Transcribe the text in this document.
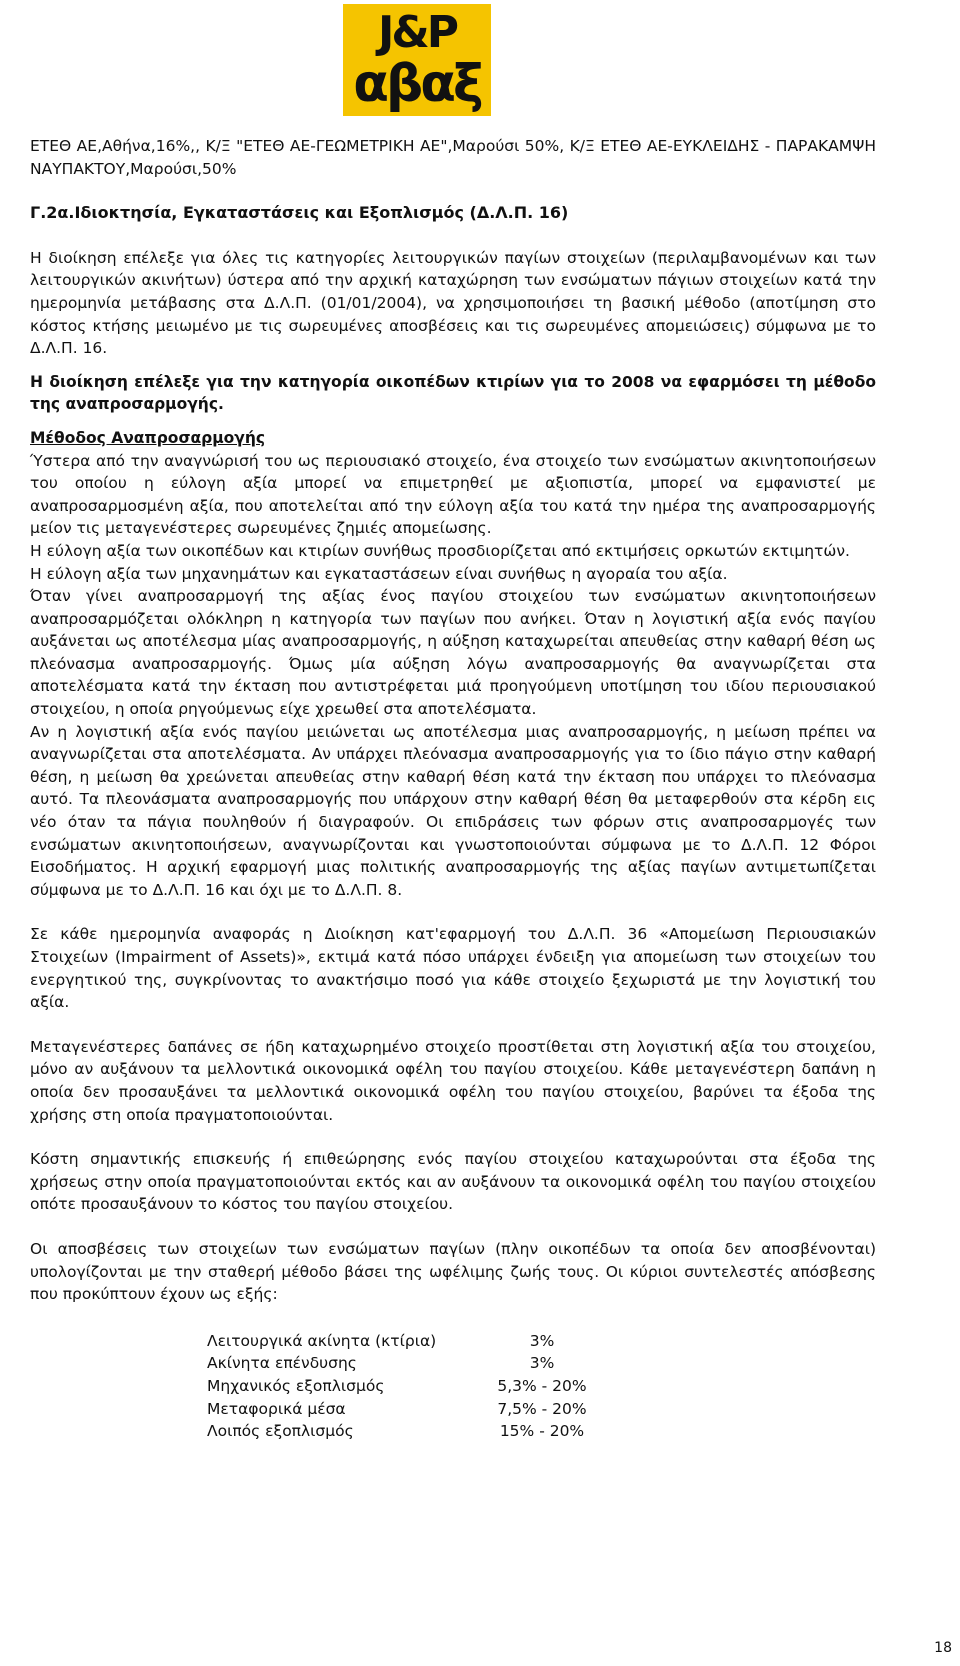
J&P
αβαξ

ΕΤΕΘ ΑΕ,Αθήνα,16%,, Κ/Ξ "ΕΤΕΘ ΑΕ-ΓΕΩΜΕΤΡΙΚΗ ΑΕ",Μαρούσι 50%, Κ/Ξ ΕΤΕΘ ΑΕ-ΕΥΚΛΕΙΔΗΣ - ΠΑΡΑΚΑΜΨΗ ΝΑΥΠΑΚΤΟΥ,Μαρούσι,50%

Γ.2α.Ιδιοκτησία, Εγκαταστάσεις και Εξοπλισμός (Δ.Λ.Π. 16)

Η διοίκηση επέλεξε για όλες τις κατηγορίες λειτουργικών παγίων στοιχείων (περιλαμβανομένων και των λειτουργικών ακινήτων) ύστερα από την αρχική καταχώρηση των ενσώματων πάγιων στοιχείων κατά την ημερομηνία μετάβασης στα Δ.Λ.Π. (01/01/2004), να χρησιμοποιήσει τη βασική μέθοδο (αποτίμηση στο κόστος κτήσης μειωμένο με τις σωρευμένες αποσβέσεις και τις σωρευμένες απομειώσεις) σύμφωνα με το Δ.Λ.Π. 16.

Η διοίκηση επέλεξε για την κατηγορία οικοπέδων κτιρίων για το 2008 να εφαρμόσει τη μέθοδο της αναπροσαρμογής.

Μέθοδος Αναπροσαρμογής

Ύστερα από την αναγνώρισή του ως περιουσιακό στοιχείο, ένα στοιχείο των ενσώματων ακινητοποιήσεων του οποίου η εύλογη αξία μπορεί να επιμετρηθεί με αξιοπιστία, μπορεί να εμφανιστεί με αναπροσαρμοσμένη αξία, που αποτελείται από την εύλογη αξία του κατά την ημέρα της αναπροσαρμογής μείον τις μεταγενέστερες σωρευμένες ζημιές απομείωσης.

Η εύλογη αξία των οικοπέδων και κτιρίων συνήθως προσδιορίζεται από εκτιμήσεις ορκωτών εκτιμητών.

Η εύλογη αξία των μηχανημάτων και εγκαταστάσεων είναι συνήθως η αγοραία του αξία.

Όταν γίνει αναπροσαρμογή της αξίας ένος παγίου στοιχείου των ενσώματων ακινητοποιήσεων αναπροσαρμόζεται ολόκληρη η κατηγορία των παγίων που ανήκει. Όταν η λογιστική αξία ενός παγίου αυξάνεται ως αποτέλεσμα μίας αναπροσαρμογής, η αύξηση καταχωρείται απευθείας στην καθαρή θέση ως πλεόνασμα αναπροσαρμογής. Όμως μία αύξηση λόγω αναπροσαρμογής θα αναγνωρίζεται στα αποτελέσματα κατά την έκταση που αντιστρέφεται μιά προηγούμενη υποτίμηση του ιδίου περιουσιακού στοιχείου, η οποία ρηγούμενως είχε χρεωθεί στα αποτελέσματα.

Αν η λογιστική αξία ενός παγίου μειώνεται ως αποτέλεσμα μιας αναπροσαρμογής, η μείωση πρέπει να αναγνωρίζεται στα αποτελέσματα. Αν υπάρχει πλεόνασμα αναπροσαρμογής για το ίδιο πάγιο στην καθαρή θέση, η μείωση θα χρεώνεται απευθείας στην καθαρή θέση κατά την έκταση που υπάρχει το πλεόνασμα αυτό. Τα πλεονάσματα αναπροσαρμογής που υπάρχουν στην καθαρή θέση θα μεταφερθούν στα κέρδη εις νέο όταν τα πάγια πουληθούν ή διαγραφούν. Οι επιδράσεις των φόρων στις αναπροσαρμογές των ενσώματων ακινητοποιήσεων, αναγνωρίζονται και γνωστοποιούνται σύμφωνα με το Δ.Λ.Π. 12 Φόροι Εισοδήματος. Η αρχική εφαρμογή μιας πολιτικής αναπροσαρμογής της αξίας παγίων αντιμετωπίζεται σύμφωνα με το Δ.Λ.Π. 16 και όχι με το Δ.Λ.Π. 8.

Σε κάθε ημερομηνία αναφοράς η Διοίκηση κατ'εφαρμογή του Δ.Λ.Π. 36 «Απομείωση Περιουσιακών Στοιχείων (Impairment of Assets)», εκτιμά κατά πόσο υπάρχει ένδειξη για απομείωση των στοιχείων του ενεργητικού της, συγκρίνοντας το ανακτήσιμο ποσό για κάθε στοιχείο ξεχωριστά με την λογιστική του αξία.

Μεταγενέστερες δαπάνες σε ήδη καταχωρημένο στοιχείο προστίθεται στη λογιστική αξία του στοιχείου, μόνο αν αυξάνουν τα μελλοντικά οικονομικά οφέλη του παγίου στοιχείου. Κάθε μεταγενέστερη δαπάνη η οποία δεν προσαυξάνει τα μελλοντικά οικονομικά οφέλη του παγίου στοιχείου, βαρύνει τα έξοδα της χρήσης στη οποία πραγματοποιούνται.

Κόστη σημαντικής επισκευής ή επιθεώρησης ενός παγίου στοιχείου καταχωρούνται στα έξοδα της χρήσεως στην οποία πραγματοποιούνται εκτός και αν αυξάνουν τα οικονομικά οφέλη του παγίου στοιχείου οπότε προσαυξάνουν το κόστος του παγίου στοιχείου.

Οι αποσβέσεις των στοιχείων των ενσώματων παγίων (πλην οικοπέδων τα οποία δεν αποσβένονται) υπολογίζονται με την σταθερή μέθοδο βάσει της ωφέλιμης ζωής τους. Οι κύριοι συντελεστές απόσβεσης που προκύπτουν έχουν ως εξής:

Λειτουργικά ακίνητα (κτίρια)	3%
Ακίνητα επένδυσης	3%
Μηχανικός εξοπλισμός	5,3% - 20%
Μεταφορικά μέσα	7,5% - 20%
Λοιπός εξοπλισμός	15% - 20%
18
